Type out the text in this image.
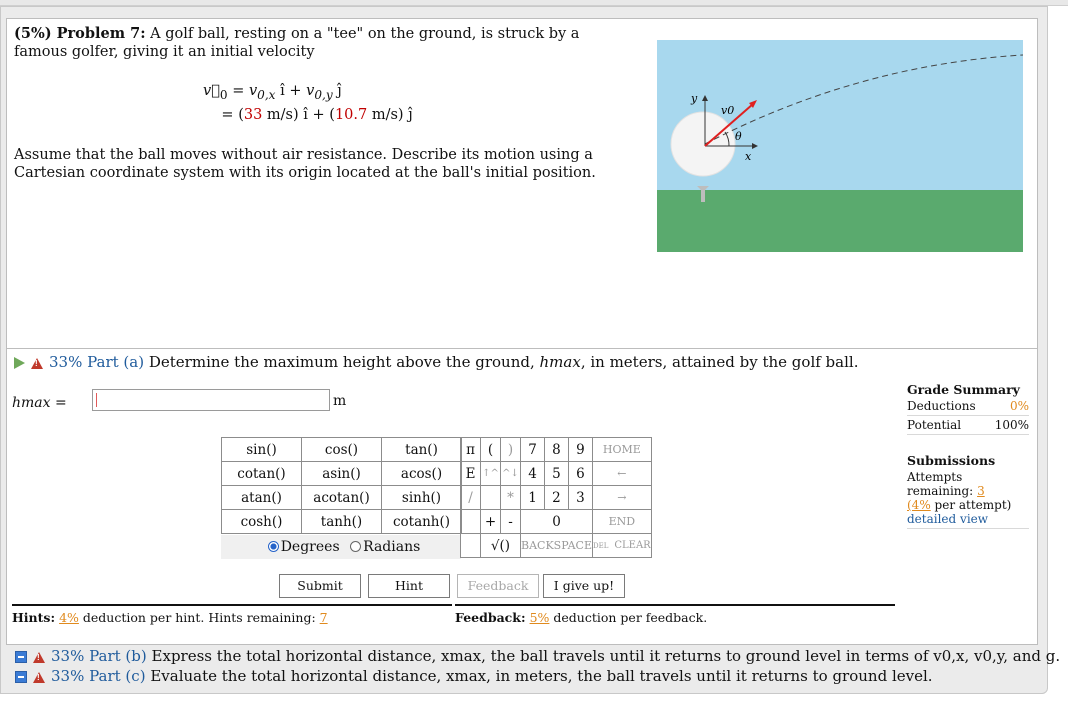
(5%) Problem 7: A golf ball, resting on a "tee" on the ground, is struck by a famous golfer, giving it an initial velocity
$v⃗_0 = v_{0,x}$ î + $v_{0,y}$ ĵ
= (33 m/s) î + (10.7 m/s) ĵ
Assume that the ball moves without air resistance. Describe its motion using a Cartesian coordinate system with its origin located at the ball's initial position.
y
x
v0
θ
!33% Part (a) Determine the maximum height above the ground, hmax, in meters, attained by the golf ball.
hmax =	m
sin()	cos()	tan()
cotan()	asin()	acos()
atan()	acotan()	sinh()
cosh()	tanh()	cotanh()
Degrees Radians
π	(	)	7	8	9	HOME
E	↑^	^↓	4	5	6	←
/		*	1	2	3	→
	+	-	0			END
	√()		BACKSPACE			DEL CLEAR
Submit	Hint	Feedback	I give up!
Hints: 4% deduction per hint. Hints remaining: 7	Feedback: 5% deduction per feedback.
Grade Summary
Deductions	0%
Potential	100%
Submissions
Attempts remaining: 3
(4% per attempt)
detailed view
!33% Part (b) Express the total horizontal distance, xmax, the ball travels until it returns to ground level in terms of v0,x, v0,y, and g.
!33% Part (c) Evaluate the total horizontal distance, xmax, in meters, the ball travels until it returns to ground level.
